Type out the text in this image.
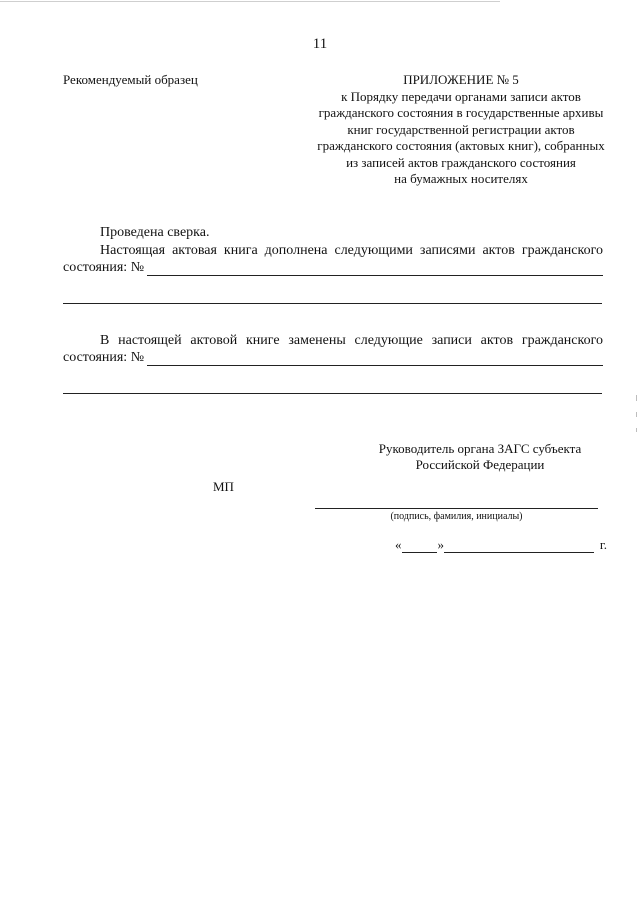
11
Рекомендуемый образец	ПРИЛОЖЕНИЕ № 5
к Порядку передачи органами записи актов
гражданского состояния в государственные архивы
книг государственной регистрации актов
гражданского состояния (актовых книг), собранных
из записей актов гражданского состояния
на бумажных носителях
Проведена сверка.
Настоящая актовая книга дополнена следующими записями актов гражданского
состояния: №
В настоящей актовой книге заменены следующие записи актов гражданского
состояния: №
Руководитель органа ЗАГС субъекта
Российской Федерации
МП
(подпись, фамилия, инициалы)
«	»	г.
